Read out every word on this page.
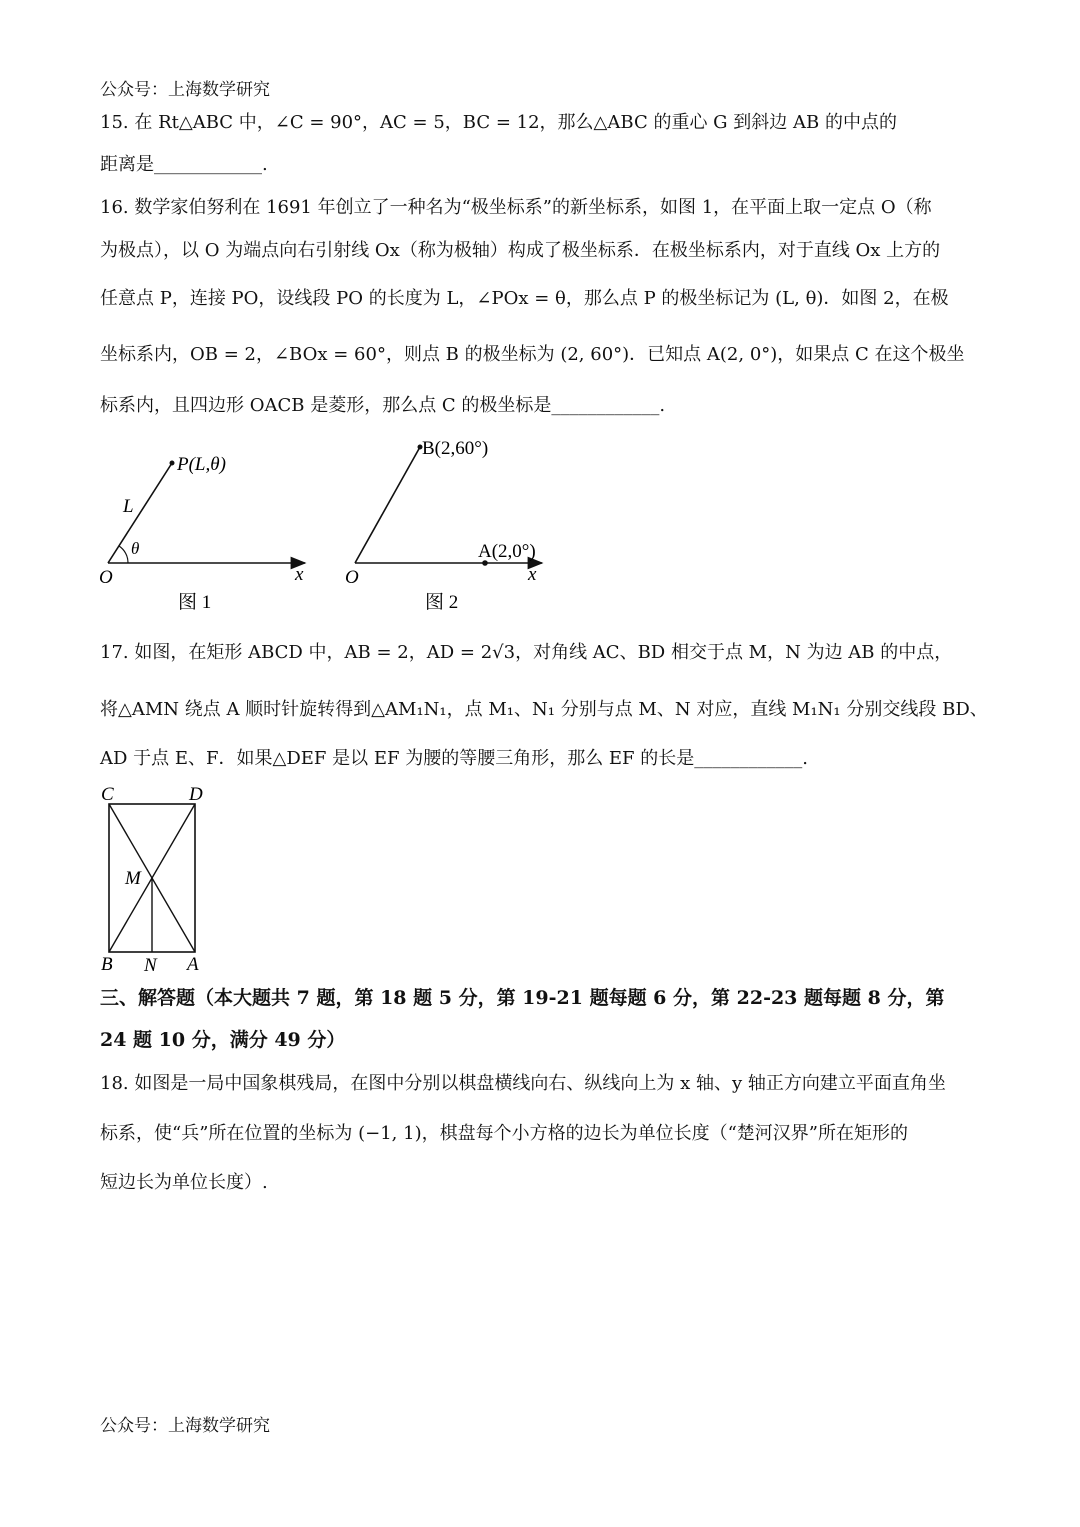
公众号：上海数学研究
15. 在 Rt△ABC 中，∠C = 90°，AC = 5，BC = 12，那么△ABC 的重心 G 到斜边 AB 的中点的
距离是____________.
16. 数学家伯努利在 1691 年创立了一种名为“极坐标系”的新坐标系，如图 1，在平面上取一定点 O（称
为极点），以 O 为端点向右引射线 Ox（称为极轴）构成了极坐标系．在极坐标系内，对于直线 Ox 上方的
任意点 P，连接 PO，设线段 PO 的长度为 L，∠POx = θ，那么点 P 的极坐标记为 (L, θ)．如图 2，在极
坐标系内，OB = 2，∠BOx = 60°，则点 B 的极坐标为 (2, 60°)．已知点 A(2, 0°)，如果点 C 在这个极坐
标系内，且四边形 OACB 是菱形，那么点 C 的极坐标是____________.
P(L,θ)
L
θ
O	x
图 1
B(2,60°)
A(2,0°)
O	x
图 2
17. 如图，在矩形 ABCD 中，AB = 2，AD = 2√3，对角线 AC、BD 相交于点 M，N 为边 AB 的中点，
将△AMN 绕点 A 顺时针旋转得到△AM₁N₁，点 M₁、N₁ 分别与点 M、N 对应，直线 M₁N₁ 分别交线段 BD、
AD 于点 E、F．如果△DEF 是以 EF 为腰的等腰三角形，那么 EF 的长是____________.
C	D
M
B N A
三、解答题（本大题共 7 题，第 18 题 5 分，第 19-21 题每题 6 分，第 22-23 题每题 8 分，第
24 题 10 分，满分 49 分）
18. 如图是一局中国象棋残局，在图中分别以棋盘横线向右、纵线向上为 x 轴、y 轴正方向建立平面直角坐
标系，使“兵”所在位置的坐标为 (−1, 1)，棋盘每个小方格的边长为单位长度（“楚河汉界”所在矩形的
短边长为单位长度）.
公众号：上海数学研究
